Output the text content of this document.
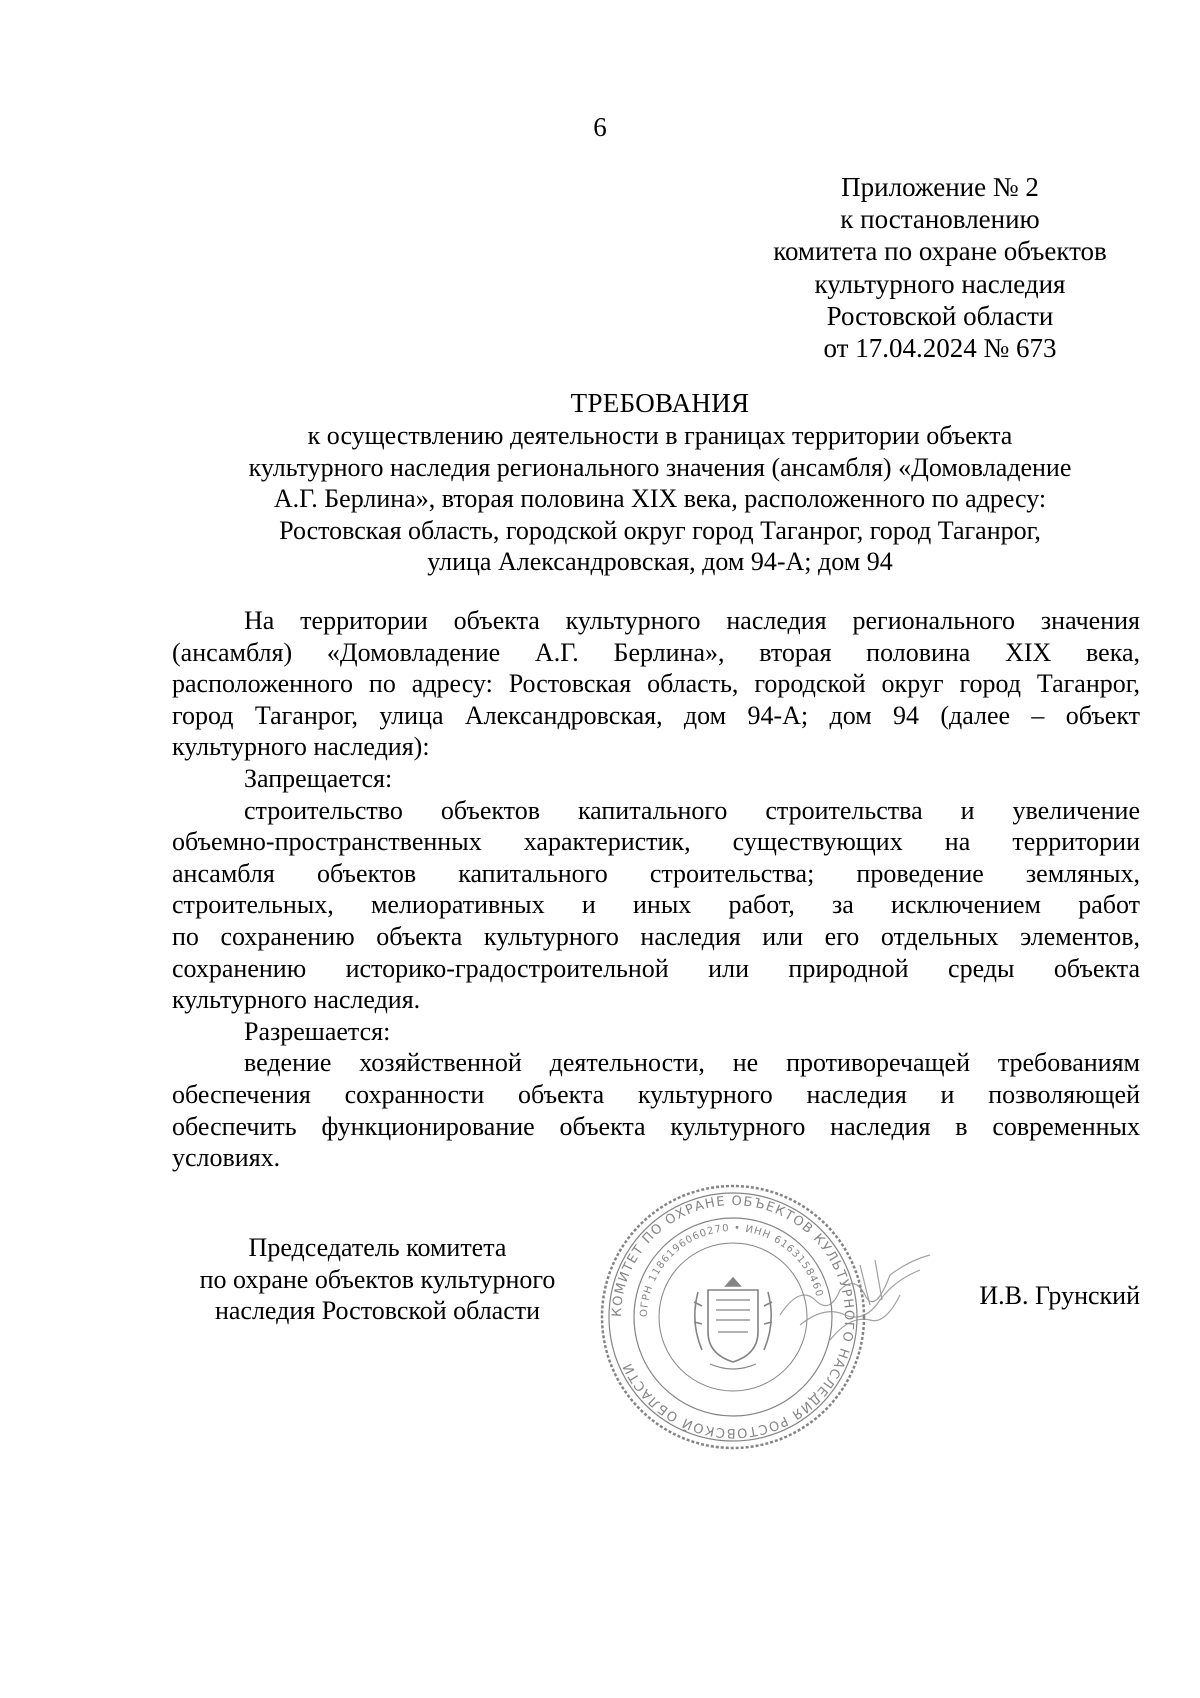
6
Приложение № 2
к постановлению
комитета по охране объектов
культурного наследия
Ростовской области
от 17.04.2024 № 673
ТРЕБОВАНИЯ
к осуществлению деятельности в границах территории объекта
культурного наследия регионального значения (ансамбля) «Домовладение
А.Г. Берлина», вторая половина XIX века, расположенного по адресу:
Ростовская область, городской округ город Таганрог, город Таганрог,
улица Александровская, дом 94-А; дом 94
На территории объекта культурного наследия регионального значения
(ансамбля) «Домовладение А.Г. Берлина», вторая половина XIX века,
расположенного по адресу: Ростовская область, городской округ город Таганрог,
город Таганрог, улица Александровская, дом 94-А; дом 94 (далее – объект
культурного наследия):
Запрещается:
строительство объектов капитального строительства и увеличение
объемно-пространственных характеристик, существующих на территории
ансамбля объектов капитального строительства; проведение земляных,
строительных, мелиоративных и иных работ, за исключением работ
по сохранению объекта культурного наследия или его отдельных элементов,
сохранению историко-градостроительной или природной среды объекта
культурного наследия.
Разрешается:
ведение хозяйственной деятельности, не противоречащей требованиям
обеспечения сохранности объекта культурного наследия и позволяющей
обеспечить функционирование объекта культурного наследия в современных
условиях.
Председатель комитета
по охране объектов культурного
наследия Ростовской области	КОМИТЕТ ПО ОХРАНЕ ОБЪЕКТОВ КУЛЬТУРНОГО НАСЛЕДИЯ РОСТОВСКОЙ ОБЛАСТИ
ОГРН 1186196060270 • ИНН 6163158460	И.В. Грунский
